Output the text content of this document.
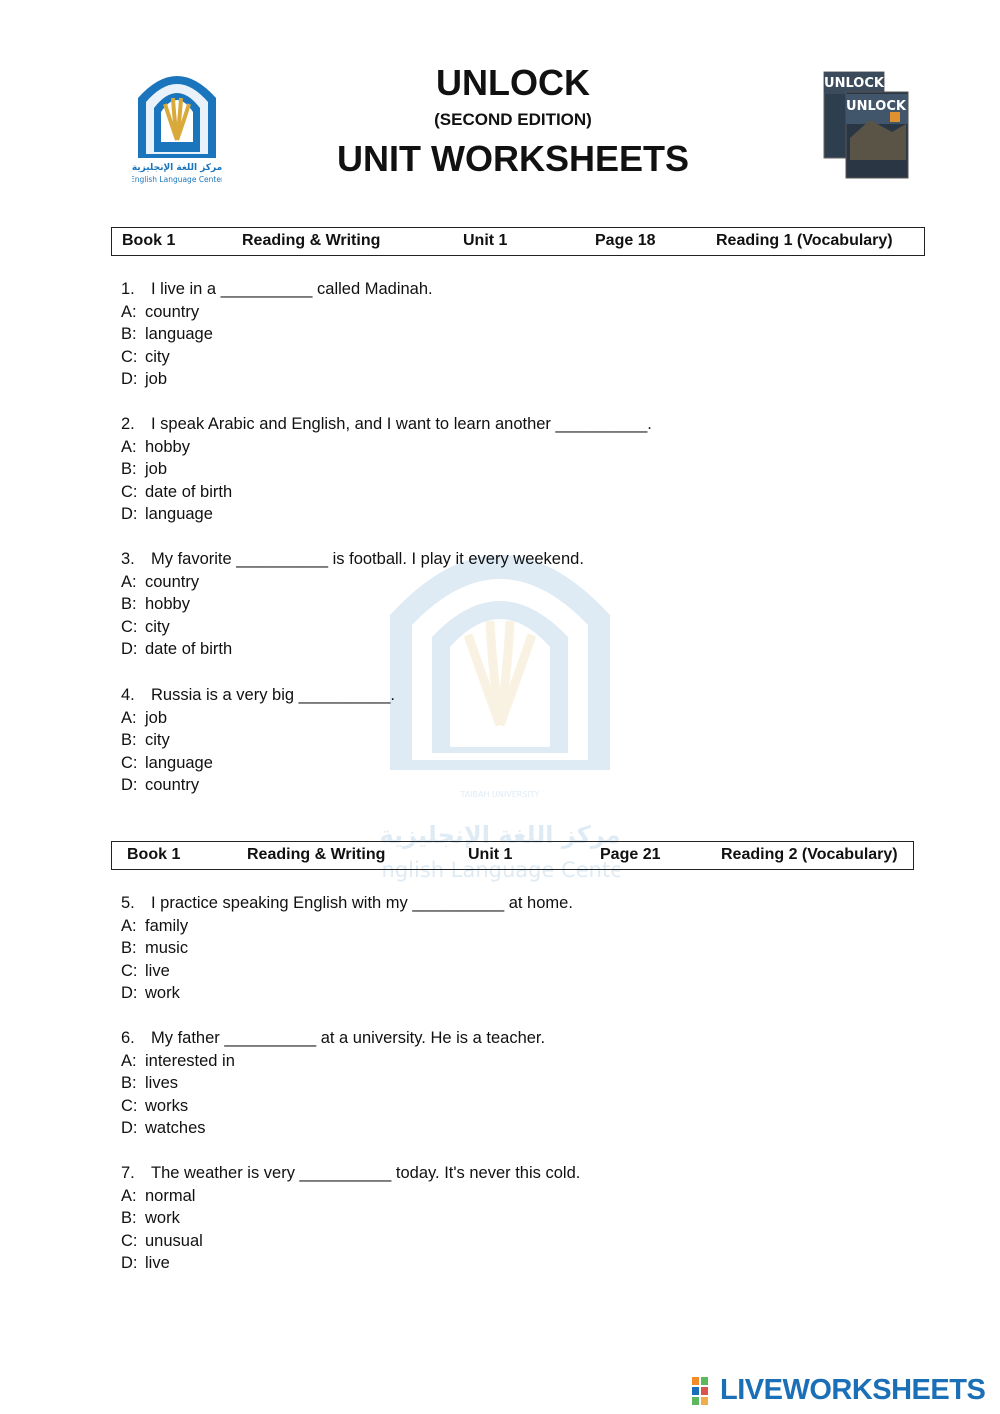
مركز اللغة الإنجليزية
English Language Center
UNLOCK
(SECOND EDITION)
UNIT WORKSHEETS
UNLOCK
UNLOCK
TAIBAH UNIVERSITY
مركز اللغة الإنجليزية
English Language Center
Book 1	Reading & Writing	Unit 1	Page 18	Reading 1 (Vocabulary)
Book 1	Reading & Writing	Unit 1	Page 21	Reading 2 (Vocabulary)
1. I live in a __________ called Madinah.
A: country
B: language
C: city
D: job
2. I speak Arabic and English, and I want to learn another __________.
A: hobby
B: job
C: date of birth
D: language
3. My favorite __________ is football. I play it every weekend.
A: country
B: hobby
C: city
D: date of birth
4. Russia is a very big __________.
A: job
B: city
C: language
D: country
5. I practice speaking English with my __________ at home.
A: family
B: music
C: live
D: work
6. My father __________ at a university. He is a teacher.
A: interested in
B: lives
C: works
D: watches
7. The weather is very __________ today. It's never this cold.
A: normal
B: work
C: unusual
D: live
LIVEWORKSHEETS
